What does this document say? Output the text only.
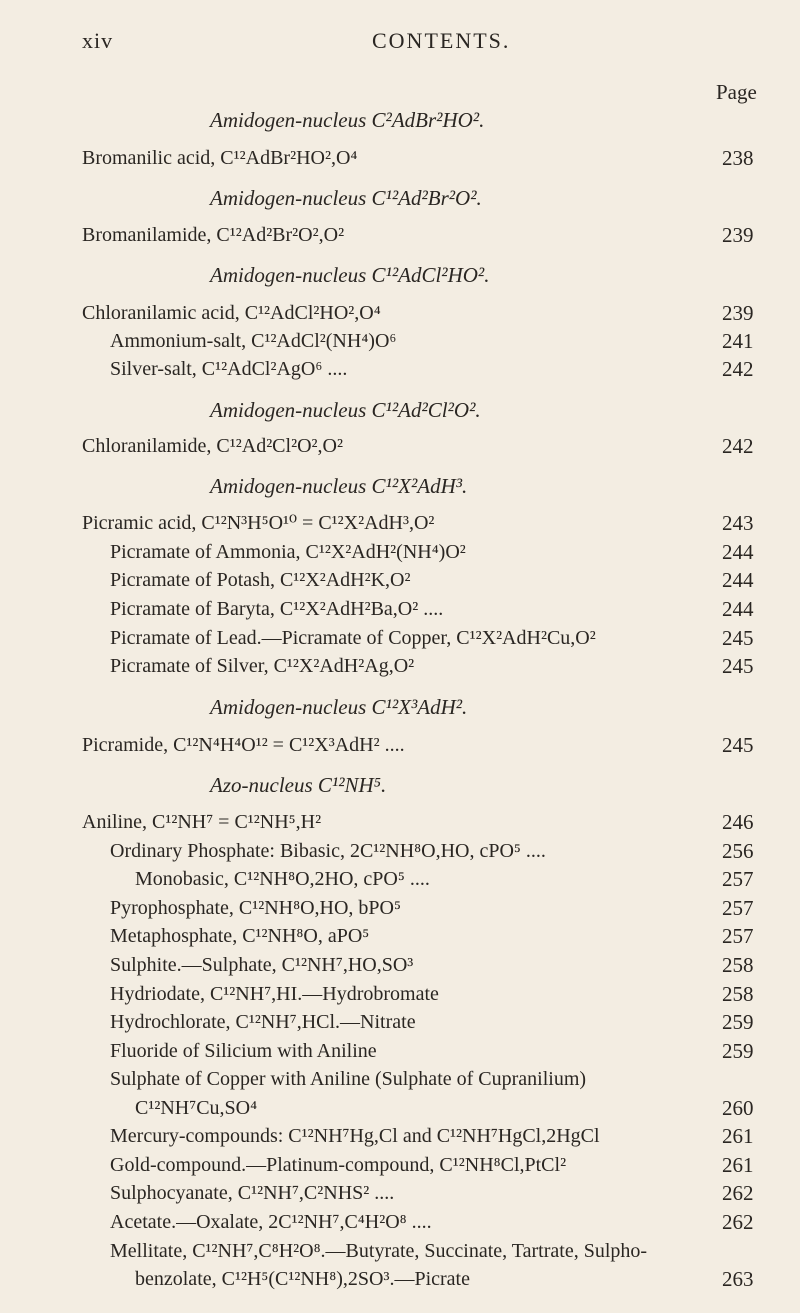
xiv	CONTENTS.
Page
Amidogen-nucleus C²AdBr²HO².
Bromanilic acid, C¹²AdBr²HO²,O⁴	238
Amidogen-nucleus C¹²Ad²Br²O².
Bromanilamide, C¹²Ad²Br²O²,O²	239
Amidogen-nucleus C¹²AdCl²HO².
Chloranilamic acid, C¹²AdCl²HO²,O⁴	239
Ammonium-salt, C¹²AdCl²(NH⁴)O⁶	241
Silver-salt, C¹²AdCl²AgO⁶ ....	242
Amidogen-nucleus C¹²Ad²Cl²O².
Chloranilamide, C¹²Ad²Cl²O²,O²	242
Amidogen-nucleus C¹²X²AdH³.
Picramic acid, C¹²N³H⁵O¹⁰ = C¹²X²AdH³,O²	243
Picramate of Ammonia, C¹²X²AdH²(NH⁴)O²	244
Picramate of Potash, C¹²X²AdH²K,O²	244
Picramate of Baryta, C¹²X²AdH²Ba,O² ....	244
Picramate of Lead.—Picramate of Copper, C¹²X²AdH²Cu,O²	245
Picramate of Silver, C¹²X²AdH²Ag,O²	245
Amidogen-nucleus C¹²X³AdH².
Picramide, C¹²N⁴H⁴O¹² = C¹²X³AdH² ....	245
Azo-nucleus C¹²NH⁵.
Aniline, C¹²NH⁷ = C¹²NH⁵,H²	246
Ordinary Phosphate: Bibasic, 2C¹²NH⁸O,HO, cPO⁵ ....	256
Monobasic, C¹²NH⁸O,2HO, cPO⁵ ....	257
Pyrophosphate, C¹²NH⁸O,HO, bPO⁵	257
Metaphosphate, C¹²NH⁸O, aPO⁵	257
Sulphite.—Sulphate, C¹²NH⁷,HO,SO³	258
Hydriodate, C¹²NH⁷,HI.—Hydrobromate	258
Hydrochlorate, C¹²NH⁷,HCl.—Nitrate	259
Fluoride of Silicium with Aniline	259
Sulphate of Copper with Aniline (Sulphate of Cupranilium)
C¹²NH⁷Cu,SO⁴	260
Mercury-compounds: C¹²NH⁷Hg,Cl and C¹²NH⁷HgCl,2HgCl	261
Gold-compound.—Platinum-compound, C¹²NH⁸Cl,PtCl²	261
Sulphocyanate, C¹²NH⁷,C²NHS² ....	262
Acetate.—Oxalate, 2C¹²NH⁷,C⁴H²O⁸ ....	262
Mellitate, C¹²NH⁷,C⁸H²O⁸.—Butyrate, Succinate, Tartrate, Sulpho-
benzolate, C¹²H⁵(C¹²NH⁸),2SO³.—Picrate	263
